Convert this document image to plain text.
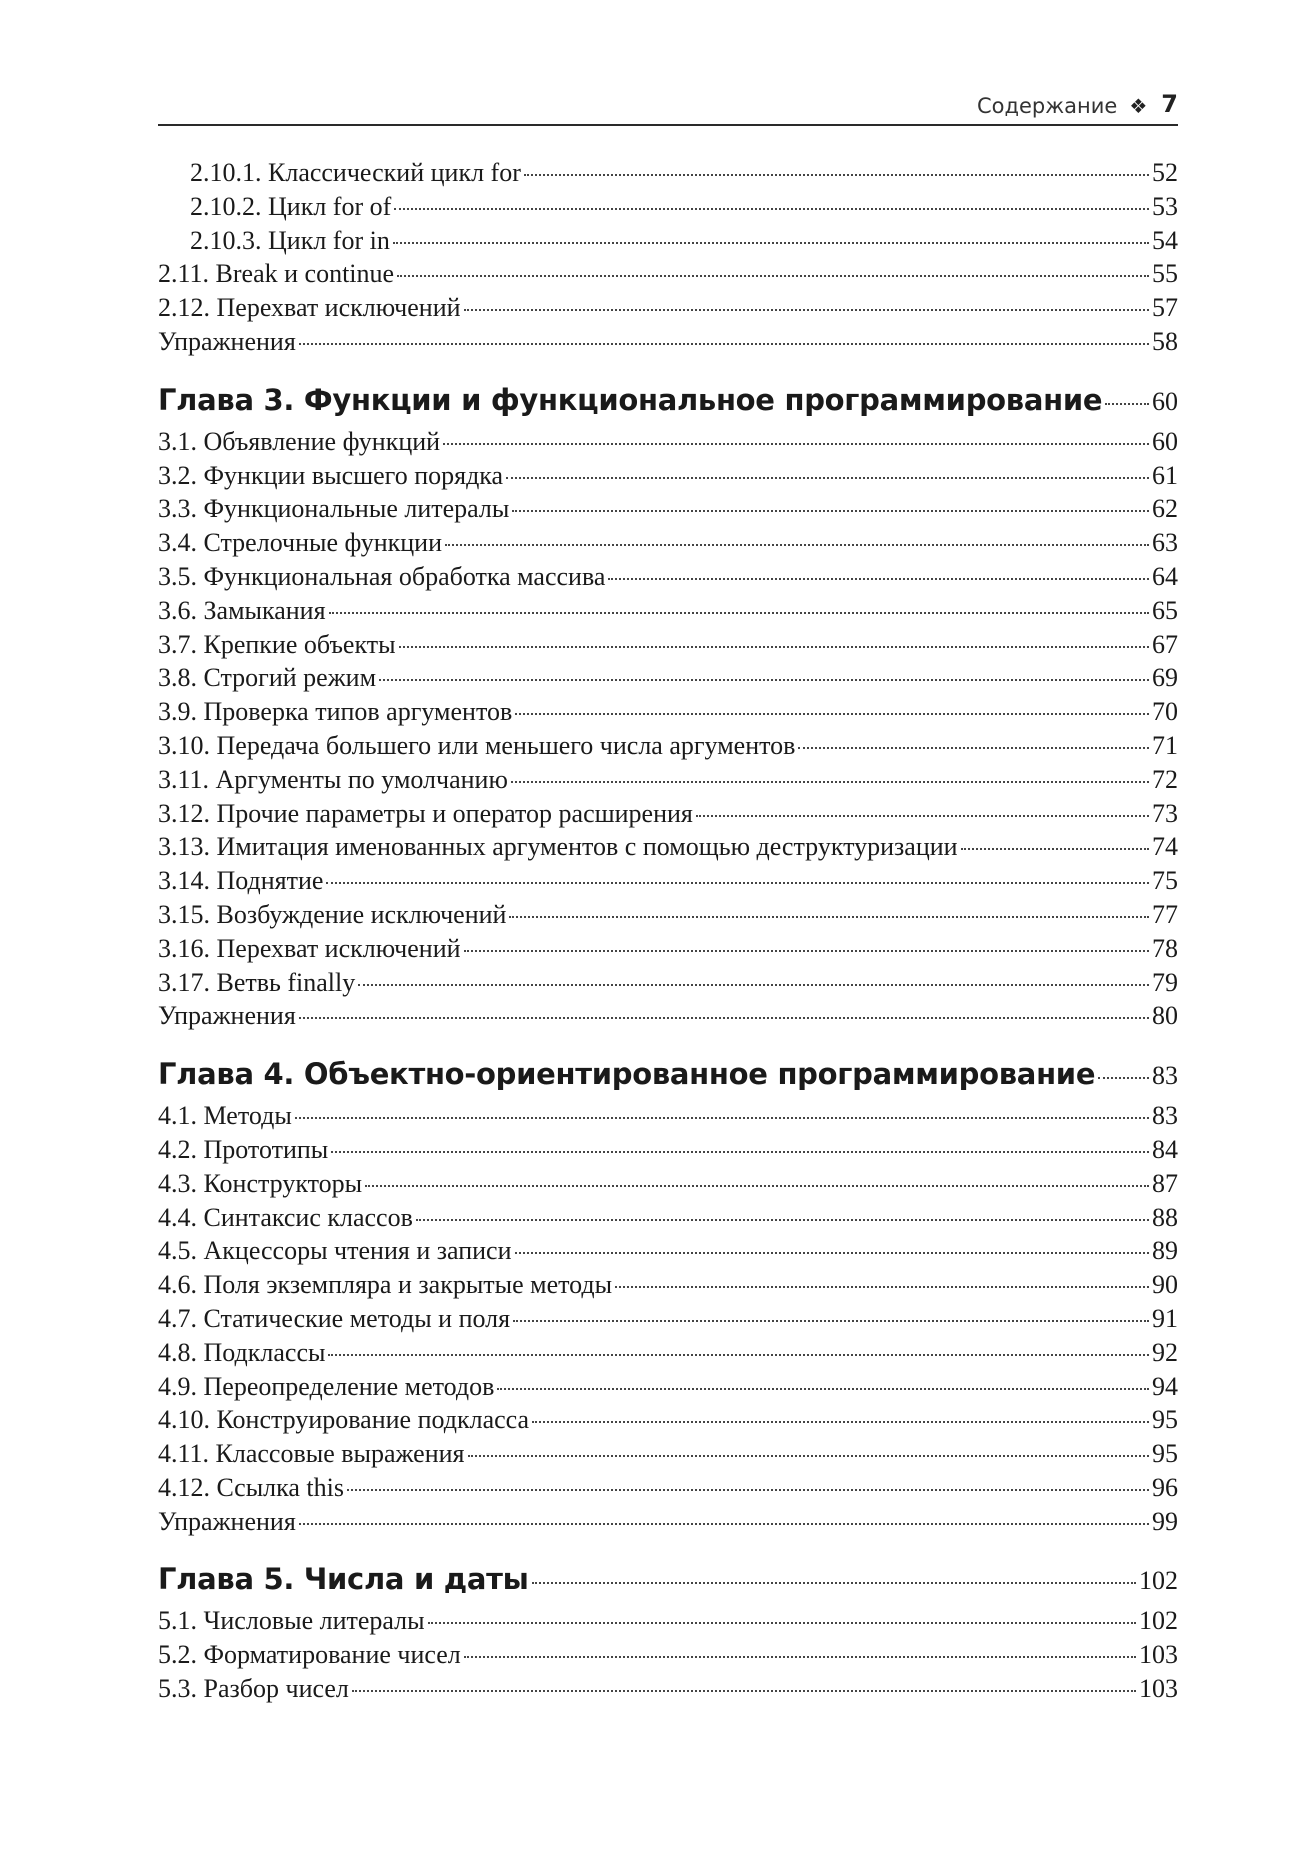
Содержание ❖ 7
2.10.1. Классический цикл for	52
2.10.2. Цикл for of	53
2.10.3. Цикл for in	54
2.11. Break и continue	55
2.12. Перехват исключений	57
Упражнения	58
Глава 3. Функции и функциональное программирование 60
3.1. Объявление функций	60
3.2. Функции высшего порядка	61
3.3. Функциональные литералы	62
3.4. Стрелочные функции	63
3.5. Функциональная обработка массива	64
3.6. Замыкания	65
3.7. Крепкие объекты	67
3.8. Строгий режим	69
3.9. Проверка типов аргументов	70
3.10. Передача большего или меньшего числа аргументов	71
3.11. Аргументы по умолчанию	72
3.12. Прочие параметры и оператор расширения	73
3.13. Имитация именованных аргументов с помощью деструктуризации	74
3.14. Поднятие	75
3.15. Возбуждение исключений	77
3.16. Перехват исключений	78
3.17. Ветвь finally	79
Упражнения	80
Глава 4. Объектно-ориентированное программирование 83
4.1. Методы	83
4.2. Прототипы	84
4.3. Конструкторы	87
4.4. Синтаксис классов	88
4.5. Акцессоры чтения и записи	89
4.6. Поля экземпляра и закрытые методы	90
4.7. Статические методы и поля	91
4.8. Подклассы	92
4.9. Переопределение методов	94
4.10. Конструирование подкласса	95
4.11. Классовые выражения	95
4.12. Ссылка this	96
Упражнения	99
Глава 5. Числа и даты	102
5.1. Числовые литералы	102
5.2. Форматирование чисел	103
5.3. Разбор чисел	103
